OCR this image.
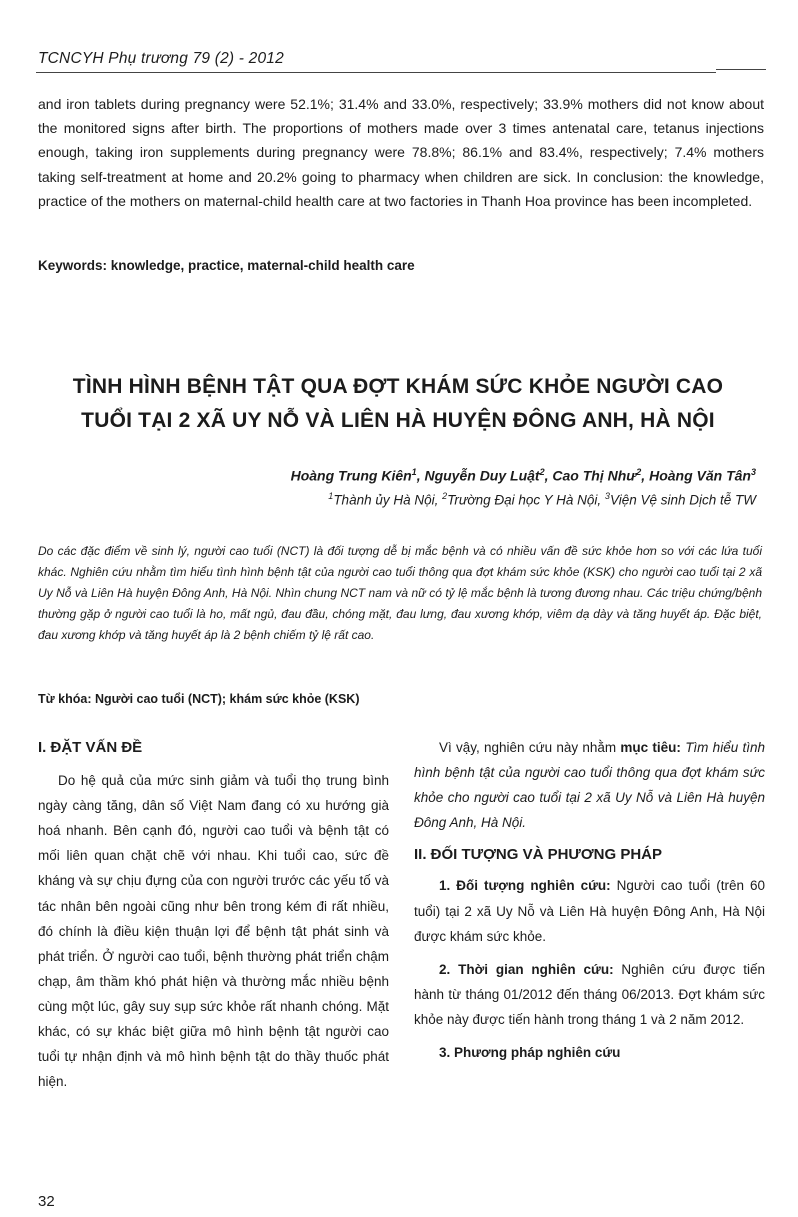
TCNCYH Phụ trương 79 (2) - 2012
and iron tablets during pregnancy were 52.1%; 31.4% and 33.0%, respectively; 33.9% mothers did not know about the monitored signs after birth. The proportions of mothers made over 3 times antenatal care, tetanus injections enough, taking iron supplements during pregnancy were 78.8%; 86.1% and 83.4%, respectively; 7.4% mothers taking self-treatment at home and 20.2% going to pharmacy when children are sick. In conclusion: the knowledge, practice of the mothers on maternal-child health care at two factories in Thanh Hoa province has been incompleted.
Keywords: knowledge, practice, maternal-child health care
TÌNH HÌNH BỆNH TẬT QUA ĐỢT KHÁM SỨC KHỎE NGƯỜI CAO
TUỔI TẠI 2 XÃ UY NỖ VÀ LIÊN HÀ HUYỆN ĐÔNG ANH, HÀ NỘI
Hoàng Trung Kiên$^1$, Nguyễn Duy Luật$^2$, Cao Thị Như$^2$, Hoàng Văn Tân$^3$
$^1$Thành ủy Hà Nội, $^2$Trường Đại học Y Hà Nội, $^3$Viện Vệ sinh Dịch tễ TW
Do các đặc điểm về sinh lý, người cao tuổi (NCT) là đối tượng dễ bị mắc bệnh và có nhiều vấn đề sức khỏe hơn so với các lứa tuổi khác. Nghiên cứu nhằm tìm hiểu tình hình bệnh tật của người cao tuổi thông qua đợt khám sức khỏe (KSK) cho người cao tuổi tại 2 xã Uy Nỗ và Liên Hà huyện Đông Anh, Hà Nội. Nhìn chung NCT nam và nữ có tỷ lệ mắc bệnh là tương đương nhau. Các triệu chứng/bệnh thường gặp ở người cao tuổi là ho, mất ngủ, đau đầu, chóng mặt, đau lưng, đau xương khớp, viêm dạ dày và tăng huyết áp. Đặc biệt, đau xương khớp và tăng huyết áp là 2 bệnh chiếm tỷ lệ rất cao.
Từ khóa: Người cao tuổi (NCT); khám sức khỏe (KSK)
I. ĐẶT VẤN ĐỀ

Do hệ quả của mức sinh giảm và tuổi thọ trung bình ngày càng tăng, dân số Việt Nam đang có xu hướng già hoá nhanh. Bên cạnh đó, người cao tuổi và bệnh tật có mối liên quan chặt chẽ với nhau. Khi tuổi cao, sức đề kháng và sự chịu đựng của con người trước các yếu tố và tác nhân bên ngoài cũng như bên trong kém đi rất nhiều, đó chính là điều kiện thuận lợi để bệnh tật phát sinh và phát triển. Ở người cao tuổi, bệnh thường phát triển chậm chạp, âm thầm khó phát hiện và thường mắc nhiều bệnh cùng một lúc, gây suy sụp sức khỏe rất nhanh chóng. Mặt khác, có sự khác biệt giữa mô hình bệnh tật người cao tuổi tự nhận định và mô hình bệnh tật do thầy thuốc phát hiện.

Vì vậy, nghiên cứu này nhằm mục tiêu: Tìm hiểu tình hình bệnh tật của người cao tuổi thông qua đợt khám sức khỏe cho người cao tuổi tại 2 xã Uy Nỗ và Liên Hà huyện Đông Anh, Hà Nội.

II. ĐỐI TƯỢNG VÀ PHƯƠNG PHÁP

1. Đối tượng nghiên cứu: Người cao tuổi (trên 60 tuổi) tại 2 xã Uy Nỗ và Liên Hà huyện Đông Anh, Hà Nội được khám sức khỏe.

2. Thời gian nghiên cứu: Nghiên cứu được tiến hành từ tháng 01/2012 đến tháng 06/2013. Đợt khám sức khỏe này được tiến hành trong tháng 1 và 2 năm 2012.

3. Phương pháp nghiên cứu

32
